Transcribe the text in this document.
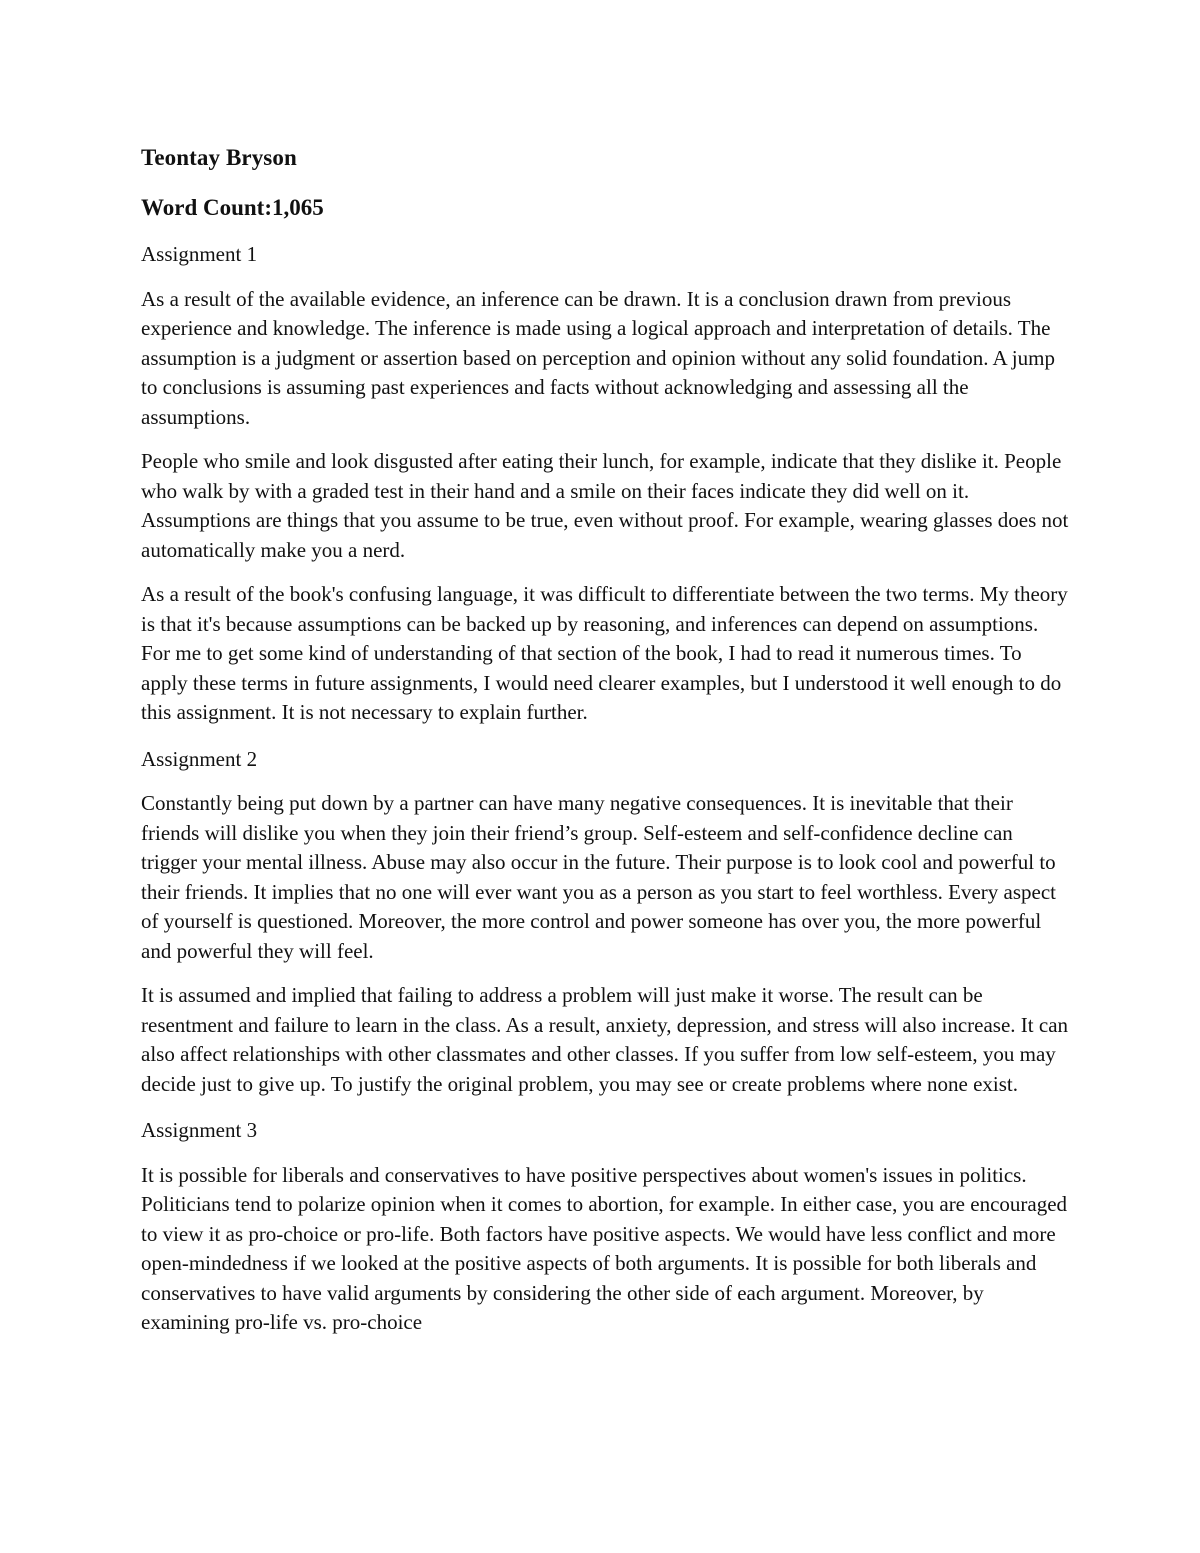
Teontay Bryson

Word Count:1,065

Assignment 1

As a result of the available evidence, an inference can be drawn. It is a conclusion drawn from previous experience and knowledge. The inference is made using a logical approach and interpretation of details. The assumption is a judgment or assertion based on perception and opinion without any solid foundation. A jump to conclusions is assuming past experiences and facts without acknowledging and assessing all the assumptions.

People who smile and look disgusted after eating their lunch, for example, indicate that they dislike it. People who walk by with a graded test in their hand and a smile on their faces indicate they did well on it. Assumptions are things that you assume to be true, even without proof. For example, wearing glasses does not automatically make you a nerd.

As a result of the book's confusing language, it was difficult to differentiate between the two terms. My theory is that it's because assumptions can be backed up by reasoning, and inferences can depend on assumptions. For me to get some kind of understanding of that section of the book, I had to read it numerous times. To apply these terms in future assignments, I would need clearer examples, but I understood it well enough to do this assignment. It is not necessary to explain further.

Assignment 2

Constantly being put down by a partner can have many negative consequences. It is inevitable that their friends will dislike you when they join their friend’s group. Self-esteem and self-confidence decline can trigger your mental illness. Abuse may also occur in the future. Their purpose is to look cool and powerful to their friends. It implies that no one will ever want you as a person as you start to feel worthless. Every aspect of yourself is questioned. Moreover, the more control and power someone has over you, the more powerful and powerful they will feel.

It is assumed and implied that failing to address a problem will just make it worse. The result can be resentment and failure to learn in the class. As a result, anxiety, depression, and stress will also increase. It can also affect relationships with other classmates and other classes. If you suffer from low self-esteem, you may decide just to give up. To justify the original problem, you may see or create problems where none exist.

Assignment 3

It is possible for liberals and conservatives to have positive perspectives about women's issues in politics. Politicians tend to polarize opinion when it comes to abortion, for example. In either case, you are encouraged to view it as pro-choice or pro-life. Both factors have positive aspects. We would have less conflict and more open-mindedness if we looked at the positive aspects of both arguments. It is possible for both liberals and conservatives to have valid arguments by considering the other side of each argument. Moreover, by examining pro-life vs. pro-choice
